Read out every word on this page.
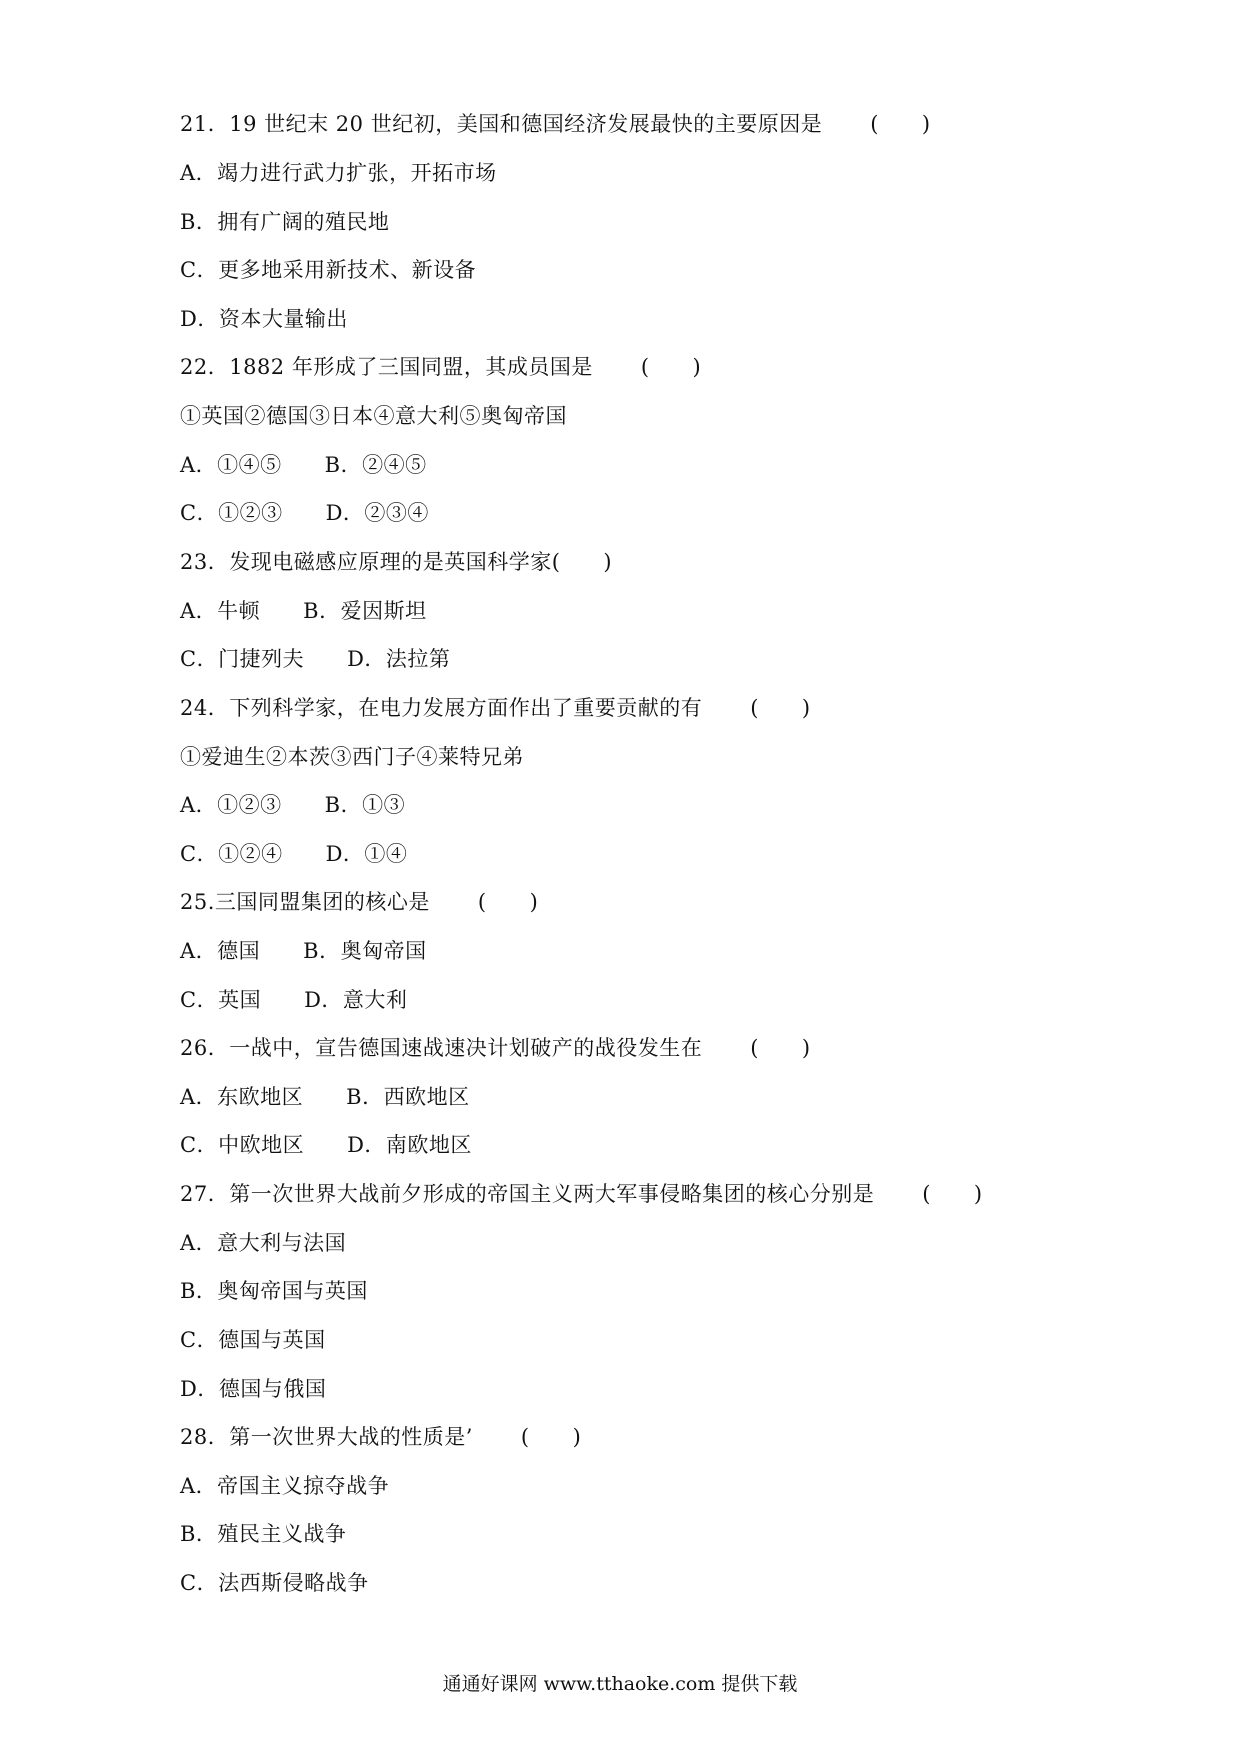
21．19 世纪末 20 世纪初，美国和德国经济发展最快的主要原因是 (　　)
A．竭力进行武力扩张，开拓市场
B．拥有广阔的殖民地
C．更多地采用新技术、新设备
D．资本大量输出
22．1882 年形成了三国同盟，其成员国是 (　　)
①英国②德国③日本④意大利⑤奥匈帝国
A．①④⑤　　B．②④⑤
C．①②③　　D．②③④
23．发现电磁感应原理的是英国科学家(　　)
A．牛顿　　B．爱因斯坦
C．门捷列夫　　D．法拉第
24．下列科学家，在电力发展方面作出了重要贡献的有 (　　)
①爱迪生②本茨③西门子④莱特兄弟
A．①②③　　B．①③
C．①②④　　D．①④
25.三国同盟集团的核心是 (　　)
A．德国　　B．奥匈帝国
C．英国　　D．意大利
26．一战中，宣告德国速战速决计划破产的战役发生在 (　　)
A．东欧地区　　B．西欧地区
C．中欧地区　　D．南欧地区
27．第一次世界大战前夕形成的帝国主义两大军事侵略集团的核心分别是 (　　)
A．意大利与法国
B．奥匈帝国与英国
C．德国与英国
D．德国与俄国
28．第一次世界大战的性质是’ (　　)
A．帝国主义掠夺战争
B．殖民主义战争
C．法西斯侵略战争
通通好课网 www.tthaoke.com 提供下载
